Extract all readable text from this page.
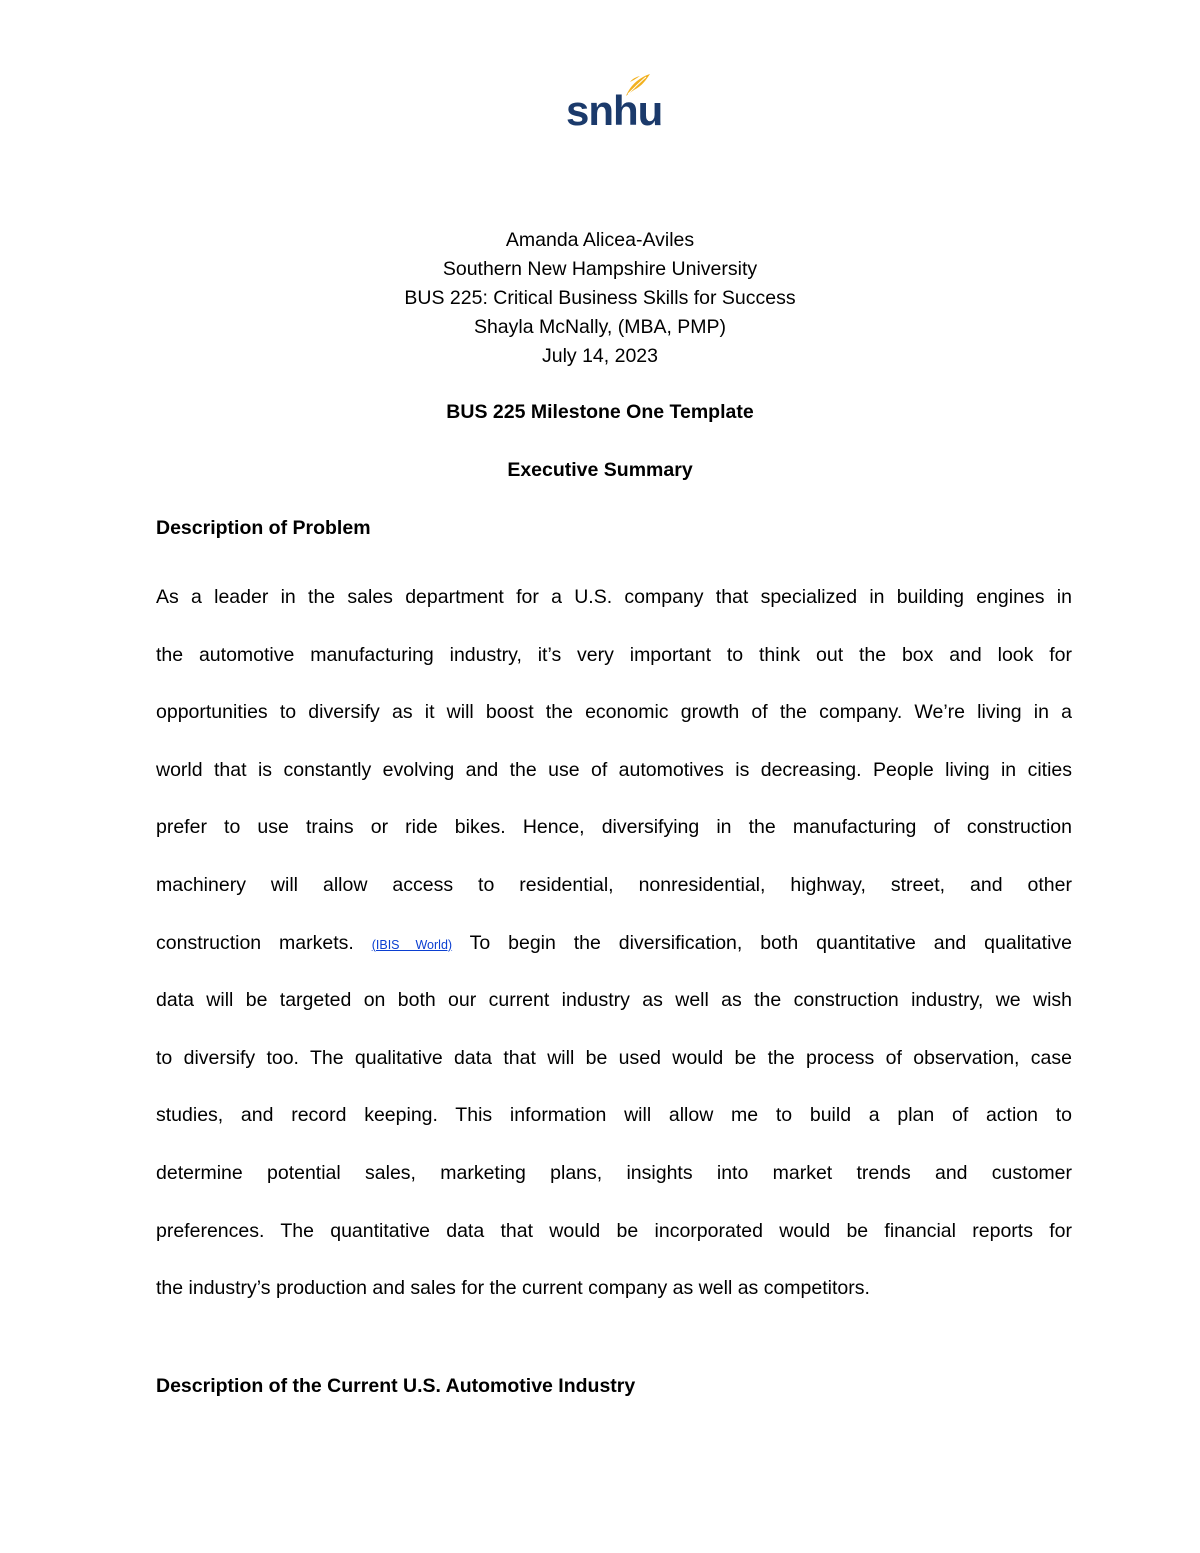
snhu
Amanda Alicea-Aviles
Southern New Hampshire University
BUS 225: Critical Business Skills for Success
Shayla McNally, (MBA, PMP)
July 14, 2023
BUS 225 Milestone One Template
Executive Summary
Description of Problem
As a leader in the sales department for a U.S. company that specialized in building engines in
the automotive manufacturing industry, it’s very important to think out the box and look for
opportunities to diversify as it will boost the economic growth of the company. We’re living in a
world that is constantly evolving and the use of automotives is decreasing. People living in cities
prefer to use trains or ride bikes. Hence, diversifying in the manufacturing of construction
machinery will allow access to residential, nonresidential, highway, street, and other
construction markets. (IBIS World) To begin the diversification, both quantitative and qualitative
data will be targeted on both our current industry as well as the construction industry, we wish
to diversify too. The qualitative data that will be used would be the process of observation, case
studies, and record keeping. This information will allow me to build a plan of action to
determine potential sales, marketing plans, insights into market trends and customer
preferences. The quantitative data that would be incorporated would be financial reports for
the industry’s production and sales for the current company as well as competitors.
Description of the Current U.S. Automotive Industry
